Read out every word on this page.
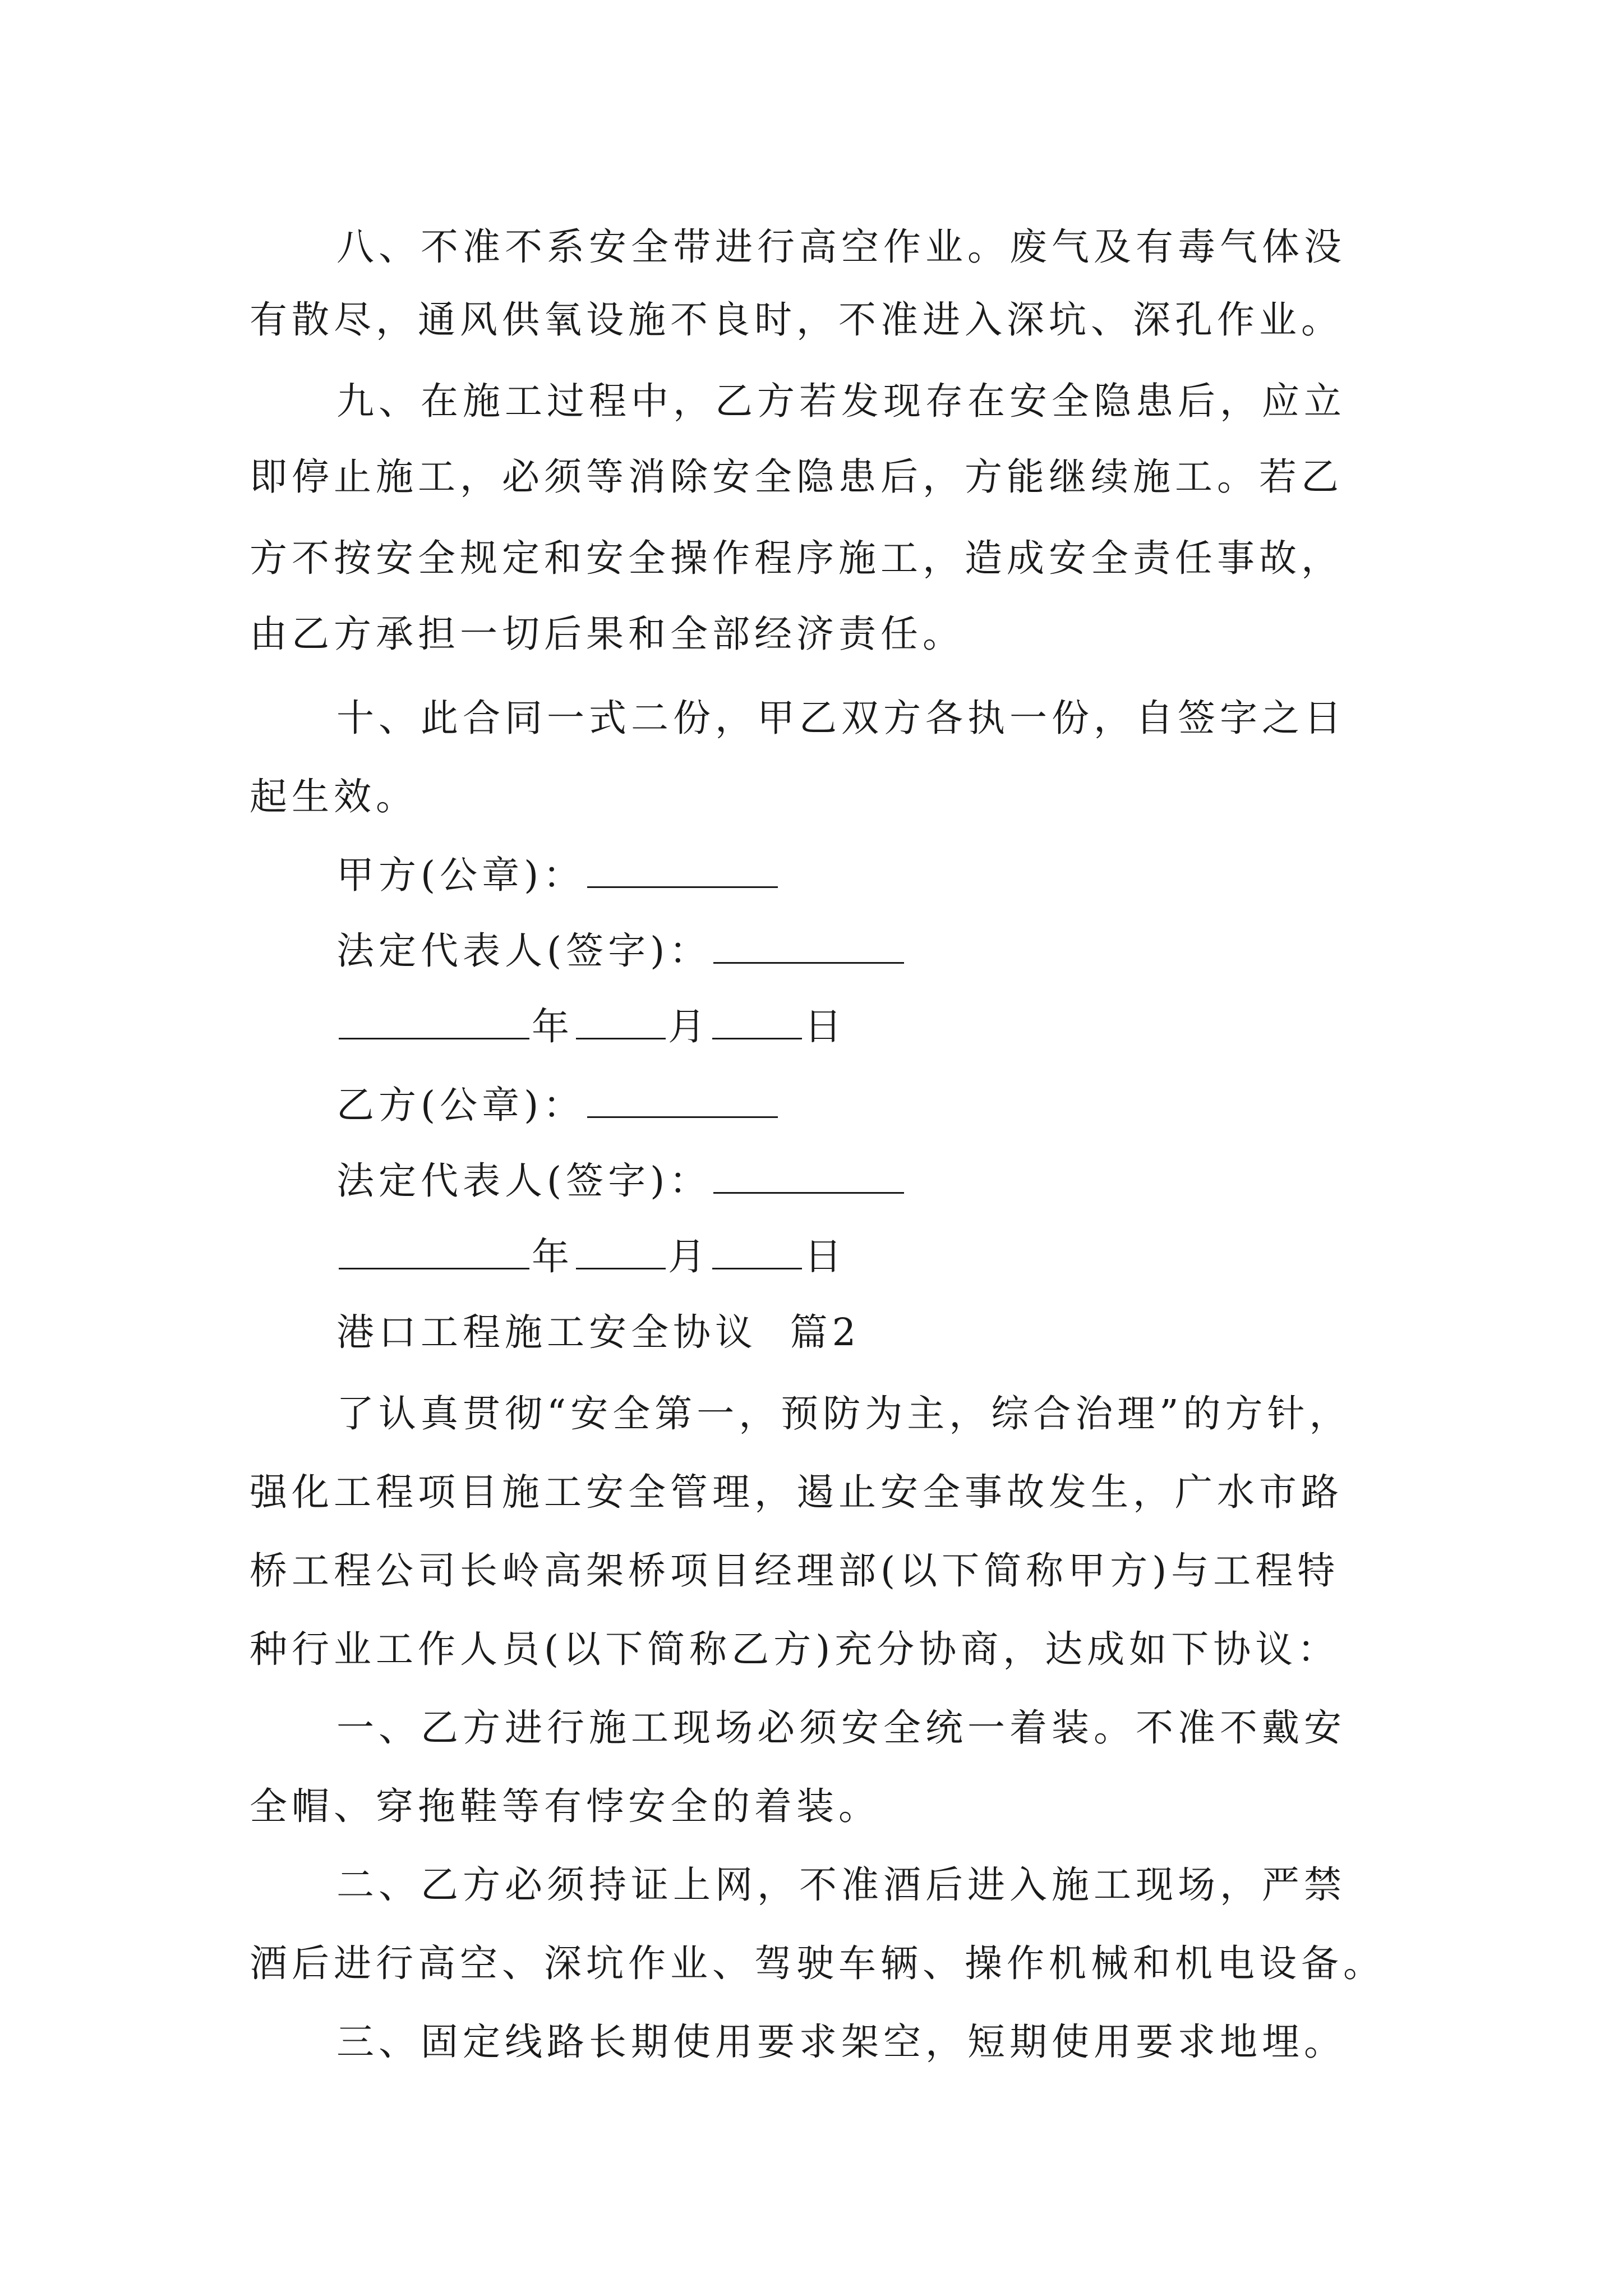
八、不准不系安全带进行高空作业。废气及有毒气体没
有散尽，通风供氧设施不良时，不准进入深坑、深孔作业。
九、在施工过程中，乙方若发现存在安全隐患后，应立
即停止施工，必须等消除安全隐患后，方能继续施工。若乙
方不按安全规定和安全操作程序施工，造成安全责任事故，
由乙方承担一切后果和全部经济责任。
十、此合同一式二份，甲乙双方各执一份，自签字之日
起生效。
甲方(公章)：
法定代表人(签字)：
年	月	日
乙方(公章)：
法定代表人(签字)：
年	月	日
港口工程施工安全协议  篇2
了认真贯彻“安全第一，预防为主，综合治理”的方针，
强化工程项目施工安全管理，遏止安全事故发生，广水市路
桥工程公司长岭高架桥项目经理部(以下简称甲方)与工程特
种行业工作人员(以下简称乙方)充分协商，达成如下协议：
一、乙方进行施工现场必须安全统一着装。不准不戴安
全帽、穿拖鞋等有悖安全的着装。
二、乙方必须持证上网，不准酒后进入施工现场，严禁
酒后进行高空、深坑作业、驾驶车辆、操作机械和机电设备。
三、固定线路长期使用要求架空，短期使用要求地埋。
